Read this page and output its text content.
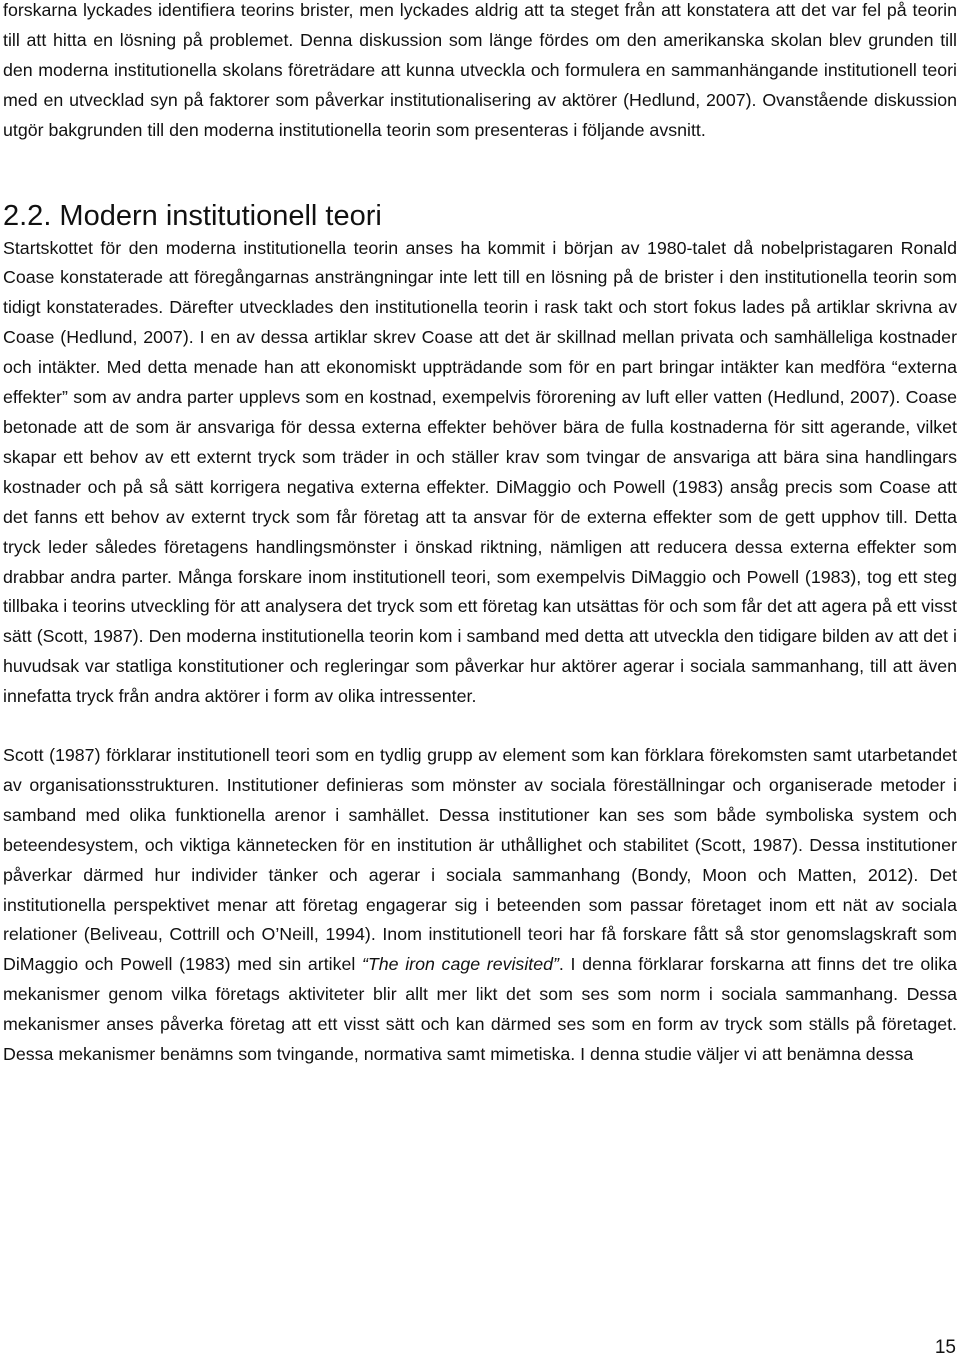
forskarna lyckades identifiera teorins brister, men lyckades aldrig att ta steget från att konstatera att det var fel på teorin till att hitta en lösning på problemet. Denna diskussion som länge fördes om den amerikanska skolan blev grunden till den moderna institutionella skolans företrädare att kunna utveckla och formulera en sammanhängande institutionell teori med en utvecklad syn på faktorer som påverkar institutionalisering av aktörer (Hedlund, 2007). Ovanstående diskussion utgör bakgrunden till den moderna institutionella teorin som presenteras i följande avsnitt.

2.2. Modern institutionell teori

Startskottet för den moderna institutionella teorin anses ha kommit i början av 1980-talet då nobelpristagaren Ronald Coase konstaterade att föregångarnas ansträngningar inte lett till en lösning på de brister i den institutionella teorin som tidigt konstaterades. Därefter utvecklades den institutionella teorin i rask takt och stort fokus lades på artiklar skrivna av Coase (Hedlund, 2007). I en av dessa artiklar skrev Coase att det är skillnad mellan privata och samhälleliga kostnader och intäkter. Med detta menade han att ekonomiskt uppträdande som för en part bringar intäkter kan medföra “externa effekter” som av andra parter upplevs som en kostnad, exempelvis förorening av luft eller vatten (Hedlund, 2007). Coase betonade att de som är ansvariga för dessa externa effekter behöver bära de fulla kostnaderna för sitt agerande, vilket skapar ett behov av ett externt tryck som träder in och ställer krav som tvingar de ansvariga att bära sina handlingars kostnader och på så sätt korrigera negativa externa effekter. DiMaggio och Powell (1983) ansåg precis som Coase att det fanns ett behov av externt tryck som får företag att ta ansvar för de externa effekter som de gett upphov till. Detta tryck leder således företagens handlingsmönster i önskad riktning, nämligen att reducera dessa externa effekter som drabbar andra parter. Många forskare inom institutionell teori, som exempelvis DiMaggio och Powell (1983), tog ett steg tillbaka i teorins utveckling för att analysera det tryck som ett företag kan utsättas för och som får det att agera på ett visst sätt (Scott, 1987). Den moderna institutionella teorin kom i samband med detta att utveckla den tidigare bilden av att det i huvudsak var statliga konstitutioner och regleringar som påverkar hur aktörer agerar i sociala sammanhang, till att även innefatta tryck från andra aktörer i form av olika intressenter.

Scott (1987) förklarar institutionell teori som en tydlig grupp av element som kan förklara förekomsten samt utarbetandet av organisationsstrukturen. Institutioner definieras som mönster av sociala föreställningar och organiserade metoder i samband med olika funktionella arenor i samhället. Dessa institutioner kan ses som både symboliska system och beteendesystem, och viktiga kännetecken för en institution är uthållighet och stabilitet (Scott, 1987). Dessa institutioner påverkar därmed hur individer tänker och agerar i sociala sammanhang (Bondy, Moon och Matten, 2012). Det institutionella perspektivet menar att företag engagerar sig i beteenden som passar företaget inom ett nät av sociala relationer (Beliveau, Cottrill och O’Neill, 1994). Inom institutionell teori har få forskare fått så stor genomslagskraft som DiMaggio och Powell (1983) med sin artikel “The iron cage revisited”. I denna förklarar forskarna att finns det tre olika mekanismer genom vilka företags aktiviteter blir allt mer likt det som ses som norm i sociala sammanhang. Dessa mekanismer anses påverka företag att ett visst sätt och kan därmed ses som en form av tryck som ställs på företaget. Dessa mekanismer benämns som tvingande, normativa samt mimetiska. I denna studie väljer vi att benämna dessa

15
